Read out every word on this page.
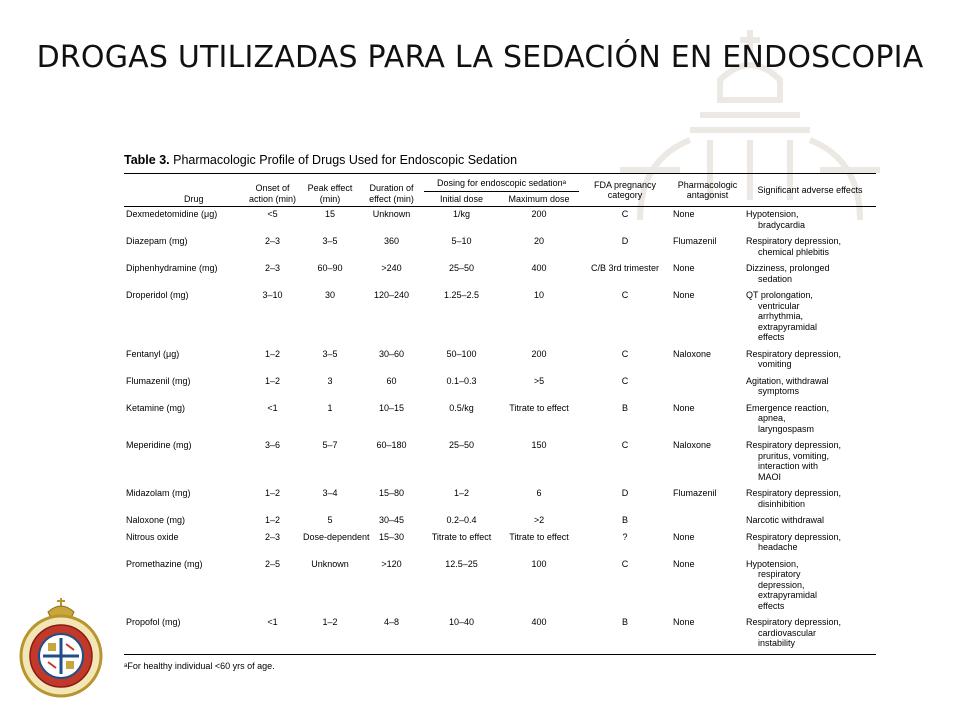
DROGAS UTILIZADAS PARA LA SEDACIÓN EN ENDOSCOPIA
Table 3. Pharmacologic Profile of Drugs Used for Endoscopic Sedation
Drug	Onset of action (min)	Peak effect (min)	Duration of effect (min)	Dosing for endoscopic sedationᵃ		FDA pregnancy category	Pharmacologic antagonist	Significant adverse effects
				Initial dose	Maximum dose			
Dexmedetomidine (μg)	<5	15	Unknown	1/kg	200	C	None	Hypotension,
bradycardia

Diazepam (mg)	2–3	3–5	360	5–10	20	D	Flumazenil	Respiratory depression,
chemical phlebitis

Diphenhydramine (mg)	2–3	60–90	>240	25–50	400	C/B 3rd trimester	None	Dizziness, prolonged
sedation

Droperidol (mg)	3–10	30	120–240	1.25–2.5	10	C	None	QT prolongation,
ventricular
arrhythmia,
extrapyramidal
effects

Fentanyl (μg)	1–2	3–5	30–60	50–100	200	C	Naloxone	Respiratory depression,
vomiting

Flumazenil (mg)	1–2	3	60	0.1–0.3	>5	C		Agitation, withdrawal
symptoms

Ketamine (mg)	<1	1	10–15	0.5/kg	Titrate to effect	B	None	Emergence reaction,
apnea,
laryngospasm

Meperidine (mg)	3–6	5–7	60–180	25–50	150	C	Naloxone	Respiratory depression,
pruritus, vomiting,
interaction with
MAOI

Midazolam (mg)	1–2	3–4	15–80	1–2	6	D	Flumazenil	Respiratory depression,
disinhibition

Naloxone (mg)	1–2	5	30–45	0.2–0.4	>2	B		Narcotic withdrawal

Nitrous oxide	2–3	Dose-dependent	15–30	Titrate to effect	Titrate to effect	?	None	Respiratory depression,
headache

Promethazine (mg)	2–5	Unknown	>120	12.5–25	100	C	None	Hypotension,
respiratory
depression,
extrapyramidal
effects

Propofol (mg)	<1	1–2	4–8	10–40	400	B	None	Respiratory depression,
cardiovascular
instability
ᵃFor healthy individual <60 yrs of age.
